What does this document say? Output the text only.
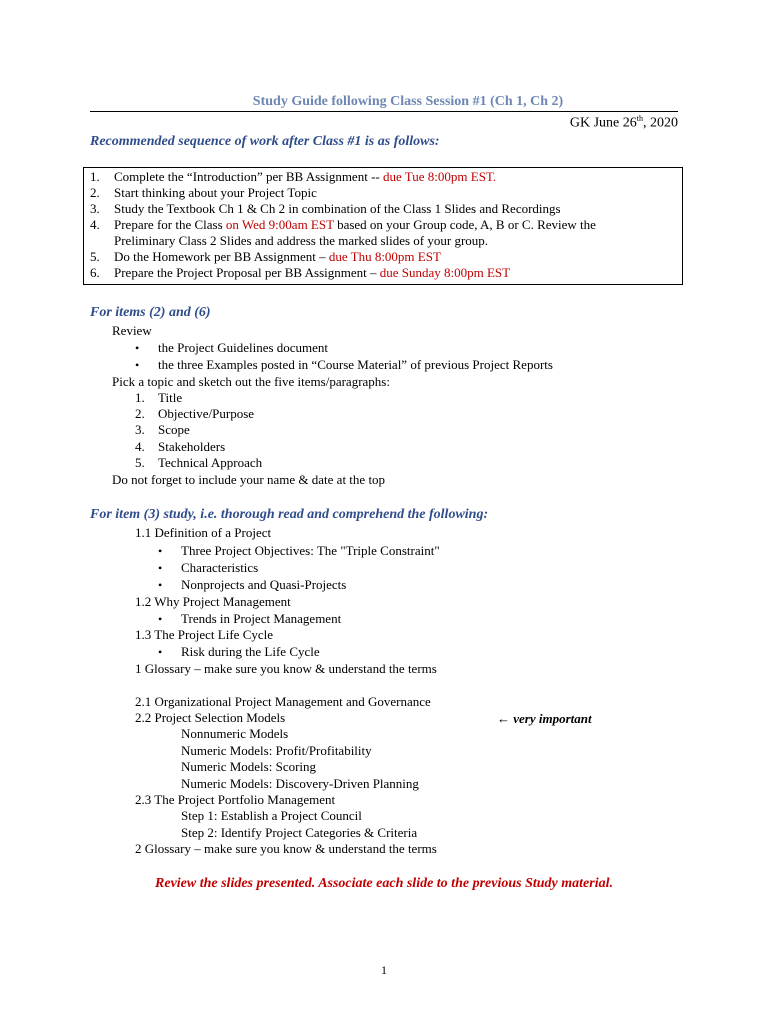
Study Guide following Class Session #1 (Ch 1, Ch 2)
GK June 26th, 2020
Recommended sequence of work after Class #1 is as follows:
1. Complete the “Introduction” per BB Assignment -- due Tue 8:00pm EST.
2. Start thinking about your Project Topic
3. Study the Textbook Ch 1 & Ch 2 in combination of the Class 1 Slides and Recordings
4. Prepare for the Class on Wed 9:00am EST based on your Group code, A, B or C. Review the
Preliminary Class 2 Slides and address the marked slides of your group.
5. Do the Homework per BB Assignment – due Thu 8:00pm EST
6. Prepare the Project Proposal per BB Assignment – due Sunday 8:00pm EST
For items (2) and (6)
Review
• the Project Guidelines document
• the three Examples posted in “Course Material” of previous Project Reports
Pick a topic and sketch out the five items/paragraphs:
1. Title
2. Objective/Purpose
3. Scope
4. Stakeholders
5. Technical Approach
Do not forget to include your name & date at the top
For item (3) study, i.e. thorough read and comprehend the following:
1.1 Definition of a Project
• Three Project Objectives: The "Triple Constraint"
• Characteristics
• Nonprojects and Quasi-Projects
1.2 Why Project Management
• Trends in Project Management
1.3 The Project Life Cycle
• Risk during the Life Cycle
1 Glossary – make sure you know & understand the terms
2.1 Organizational Project Management and Governance
2.2 Project Selection Models	← very important
Nonnumeric Models
Numeric Models: Profit/Profitability
Numeric Models: Scoring
Numeric Models: Discovery-Driven Planning
2.3 The Project Portfolio Management
Step 1: Establish a Project Council
Step 2: Identify Project Categories & Criteria
2 Glossary – make sure you know & understand the terms
Review the slides presented. Associate each slide to the previous Study material.
1
